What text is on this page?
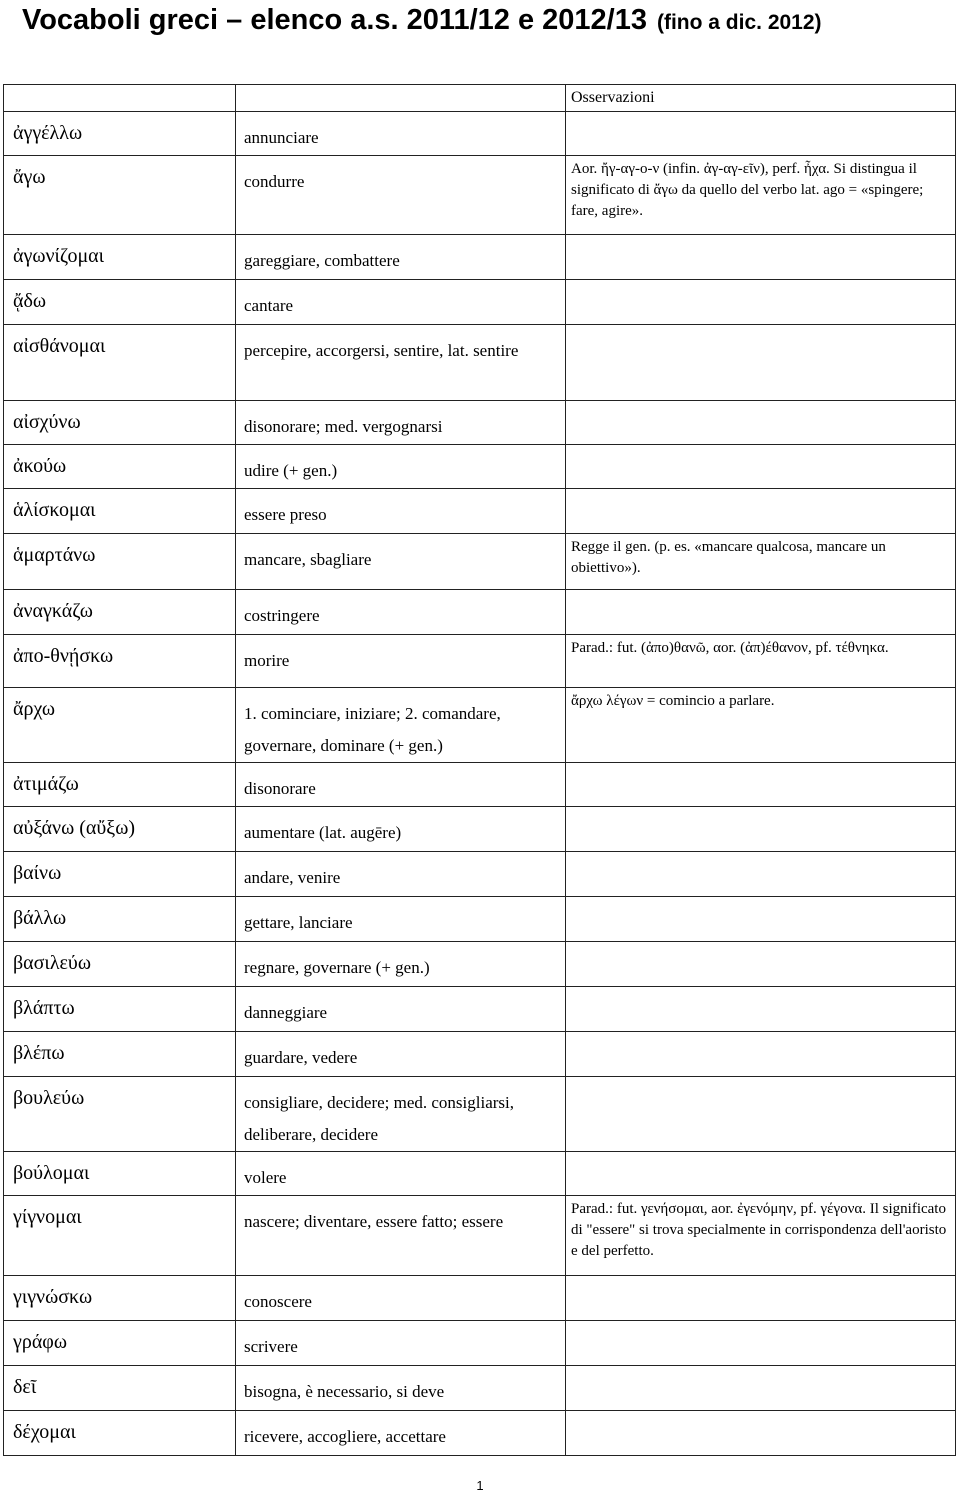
Vocaboli greci – elenco a.s. 2011/12 e 2012/13 (fino a dic. 2012)
		Osservazioni
ἀγγέλλω	annunciare	
ἄγω	condurre	Aor. ἤγ-αγ-ο-ν (infin. ἀγ-αγ-εῖν), perf. ἦχα. Si distingua il significato di ἄγω da quello del verbo lat. ago = «spingere; fare, agire».
ἀγωνίζομαι	gareggiare, combattere	
ᾄδω	cantare	
αἰσθάνομαι	percepire, accorgersi, sentire, lat. sentire	
αἰσχύνω	disonorare; med. vergognarsi	
ἀκούω	udire (+ gen.)	
ἁλίσκομαι	essere preso	
ἁμαρτάνω	mancare, sbagliare	Regge il gen. (p. es. «mancare qualcosa, mancare un obiettivo»).
ἀναγκάζω	costringere	
ἀπο-θνῄσκω	morire	Parad.: fut. (ἀπο)θανῶ, αor. (ἀπ)έθανον, pf. τέθνηκα.
ἄρχω	1. cominciare, iniziare; 2. comandare, governare, dominare (+ gen.)	ἄρχω λέγων = comincio a parlare.
ἀτιμάζω	disonorare	
αὐξάνω (αὔξω)	aumentare (lat. augēre)	
βαίνω	andare, venire	
βάλλω	gettare, lanciare	
βασιλεύω	regnare, governare (+ gen.)	
βλάπτω	danneggiare	
βλέπω	guardare, vedere	
βουλεύω	consigliare, decidere; med. consigliarsi, deliberare, decidere	
βούλομαι	volere	
γίγνομαι	nascere; diventare, essere fatto; essere	Parad.: fut. γενήσομαι, aor. ἐγενόμην, pf. γέγονα. Il significato di "essere" si trova specialmente in corrispondenza dell'aoristo e del perfetto.
γιγνώσκω	conoscere	
γράφω	scrivere	
δεῖ	bisogna, è necessario, si deve	
δέχομαι	ricevere, accogliere, accettare	
1
